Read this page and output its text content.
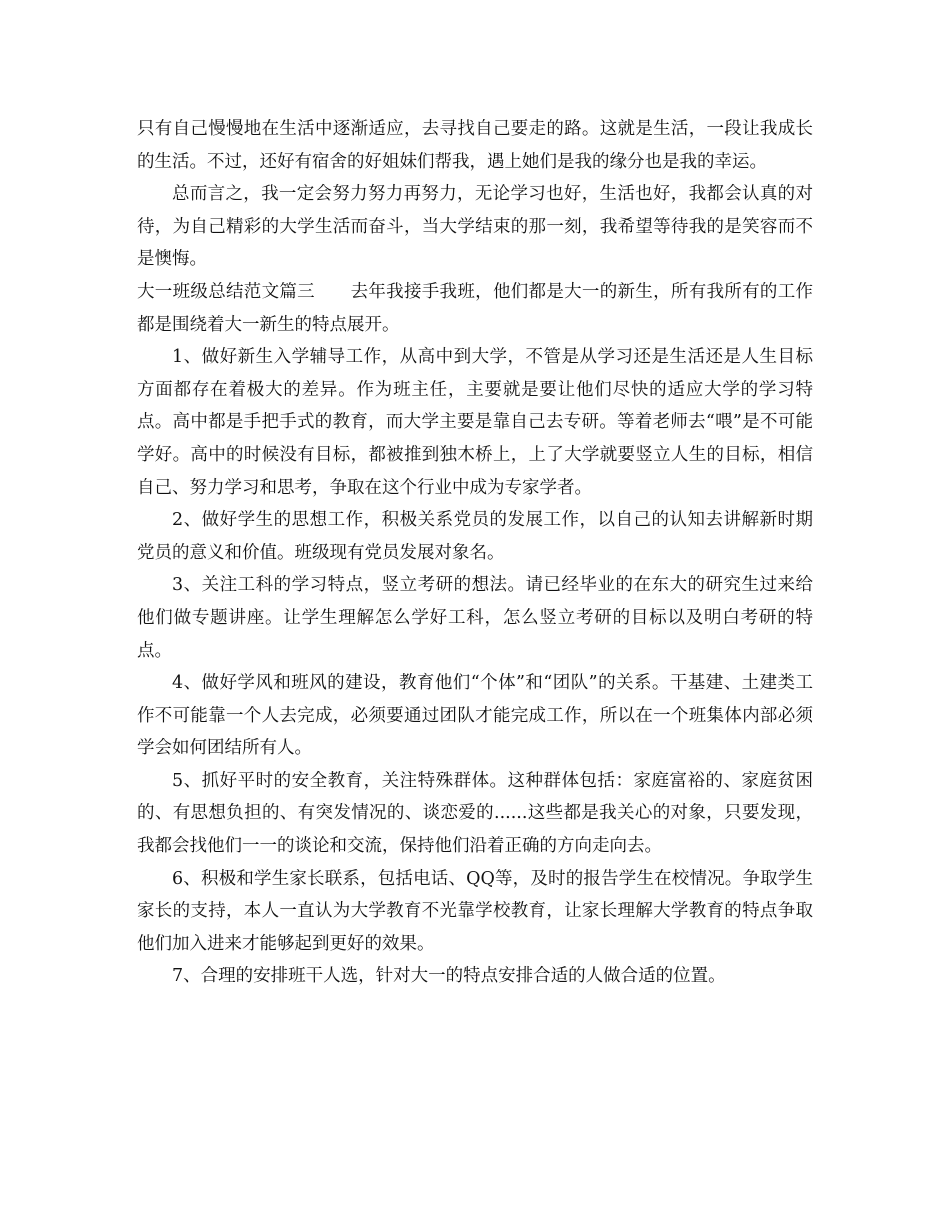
只有自己慢慢地在生活中逐渐适应，去寻找自己要走的路。这就是生活，一段让我成长的生活。不过，还好有宿舍的好姐妹们帮我，遇上她们是我的缘分也是我的幸运。

总而言之，我一定会努力努力再努力，无论学习也好，生活也好，我都会认真的对待，为自己精彩的大学生活而奋斗，当大学结束的那一刻，我希望等待我的是笑容而不是懊悔。

大一班级总结范文篇三　　去年我接手我班，他们都是大一的新生，所有我所有的工作都是围绕着大一新生的特点展开。

1、做好新生入学辅导工作，从高中到大学，不管是从学习还是生活还是人生目标方面都存在着极大的差异。作为班主任，主要就是要让他们尽快的适应大学的学习特点。高中都是手把手式的教育，而大学主要是靠自己去专研。等着老师去“喂”是不可能学好。高中的时候没有目标，都被推到独木桥上，上了大学就要竖立人生的目标，相信自己、努力学习和思考，争取在这个行业中成为专家学者。

2、做好学生的思想工作，积极关系党员的发展工作，以自己的认知去讲解新时期党员的意义和价值。班级现有党员发展对象名。

3、关注工科的学习特点，竖立考研的想法。请已经毕业的在东大的研究生过来给他们做专题讲座。让学生理解怎么学好工科，怎么竖立考研的目标以及明白考研的特点。

4、做好学风和班风的建设，教育他们“个体”和“团队”的关系。干基建、土建类工作不可能靠一个人去完成，必须要通过团队才能完成工作，所以在一个班集体内部必须学会如何团结所有人。

5、抓好平时的安全教育，关注特殊群体。这种群体包括：家庭富裕的、家庭贫困的、有思想负担的、有突发情况的、谈恋爱的......这些都是我关心的对象，只要发现，我都会找他们一一的谈论和交流，保持他们沿着正确的方向走向去。

6、积极和学生家长联系，包括电话、QQ等，及时的报告学生在校情况。争取学生家长的支持，本人一直认为大学教育不光靠学校教育，让家长理解大学教育的特点争取他们加入进来才能够起到更好的效果。

7、合理的安排班干人选，针对大一的特点安排合适的人做合适的位置。
